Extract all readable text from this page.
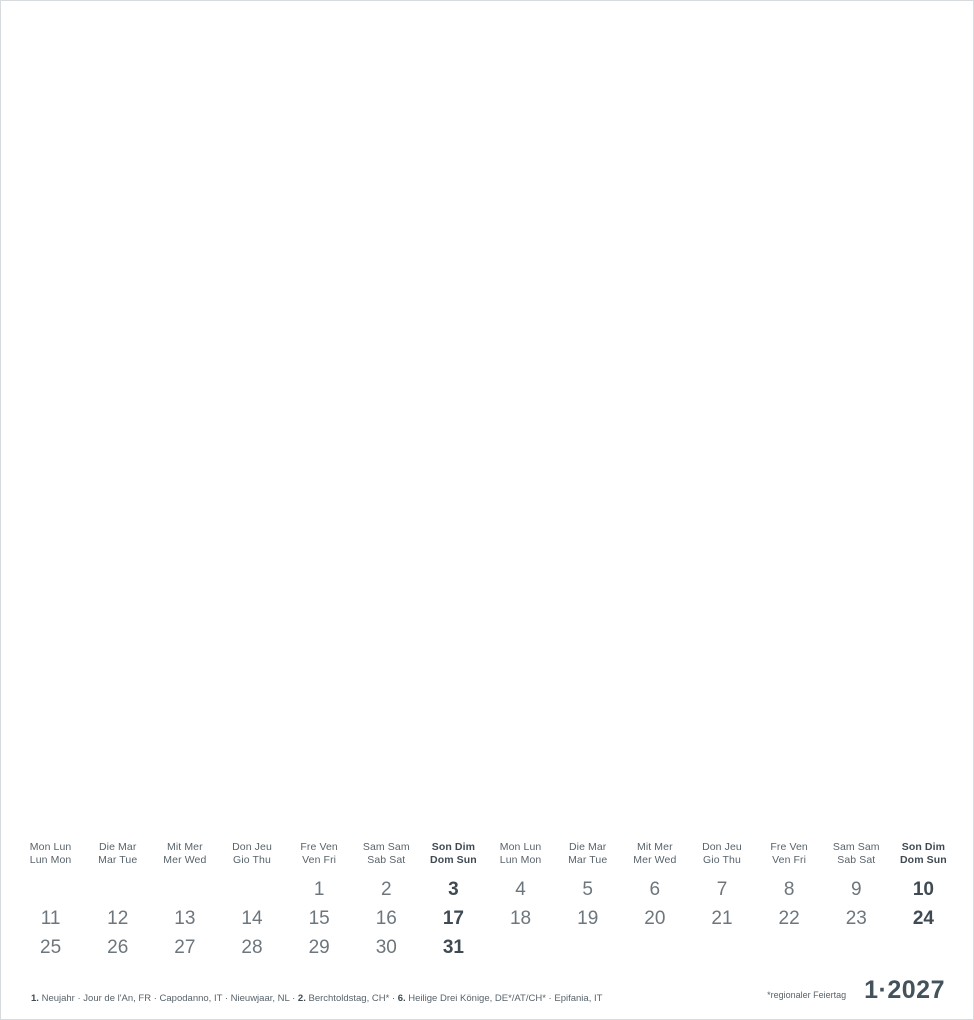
Mon Lun
Lun Mon

11
25
Die Mar
Mar Tue

12
26
Mit Mer
Mer Wed

13
27
Don Jeu
Gio Thu

14
28
Fre Ven
Ven Fri
1
15
29
Sam Sam
Sab Sat
2
16
30
Son Dim
Dom Sun
3
17
31
Mon Lun
Lun Mon
4
18

Die Mar
Mar Tue
5
19

Mit Mer
Mer Wed
6
20

Don Jeu
Gio Thu
7
21

Fre Ven
Ven Fri
8
22

Sam Sam
Sab Sat
9
23

Son Dim
Dom Sun
10
24

1. Neujahr · Jour de l'An, FR · Capodanno, IT · Nieuwjaar, NL · 2. Berchtoldstag, CH* · 6. Heilige Drei Könige, DE*/AT/CH* · Epifania, IT	*regionaler Feiertag 1·2027
